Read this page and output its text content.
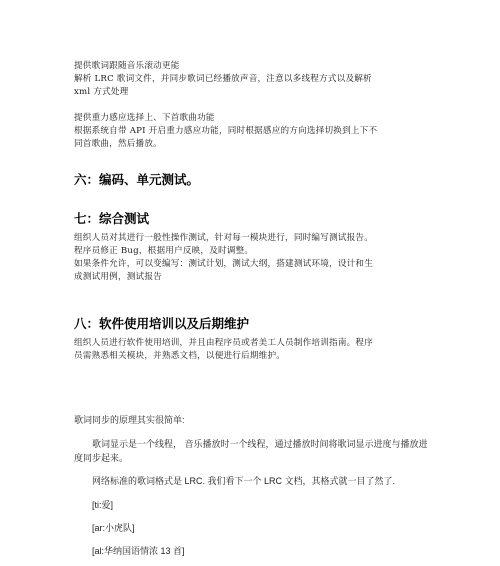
提供歌词跟随音乐滚动更能
解析 LRC 歌词文件，并同步歌词已经播放声音，注意以多线程方式以及解析
xml 方式处理
提供重力感应选择上、下首歌曲功能
根据系统自带 API 开启重力感应功能，同时根据感应的方向选择切换到上下不
同首歌曲，然后播放。
六：编码、单元测试。
七：综合测试
组织人员对其进行一般性操作测试，针对每一模块进行，同时编写测试报告。
程序员修正 Bug，根据用户反映，及时调整。
如果条件允许，可以变编写：测试计划，测试大纲，搭建测试环境，设计和生
成测试用例，测试报告
八：软件使用培训以及后期维护
组织人员进行软件使用培训，并且由程序员或者美工人员制作培训指南。程序
员需熟悉相关模块，并熟悉文档，以便进行后期维护。
歌词同步的原理其实很简单:
歌词显示是一个线程， 音乐播放时一个线程，通过播放时间将歌词显示进度与播放进
度同步起来。
网络标准的歌词格式是 LRC. 我们看下一个 LRC 文档，其格式就一目了然了.
[ti:爱]
[ar:小虎队]
[al:华纳国语情浓 13 首]
